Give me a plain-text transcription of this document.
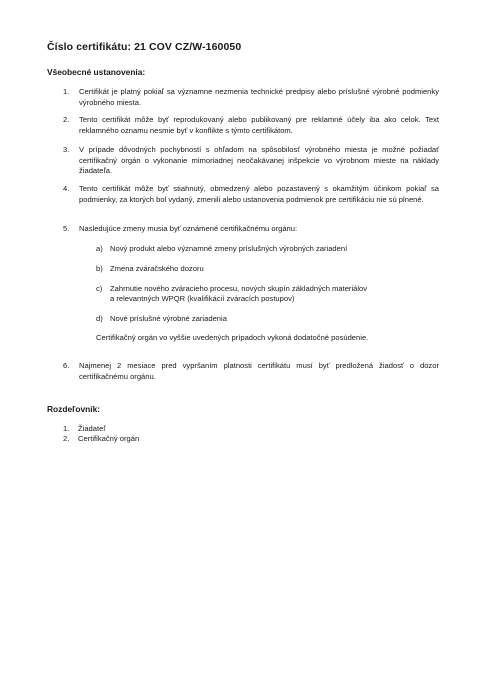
Číslo certifikátu: 21 COV CZ/W-160050
Všeobecné ustanovenia:
1. Certifikát je platný pokiaľ sa významne nezmenia technické predpisy alebo príslušné výrobné podmienky výrobného miesta.
2. Tento certifikát môže byť reprodukovaný alebo publikovaný pre reklamné účely iba ako celok. Text reklamného oznamu nesmie byť v konflikte s týmto certifikátom.
3. V prípade dôvodných pochybností s ohľadom na spôsobilosť výrobného miesta je možné požiadať certifikačný orgán o vykonanie mimoriadnej neočakávanej inšpekcie vo výrobnom mieste na náklady žiadateľa.
4. Tento certifikát môže byť stiahnutý, obmedzený alebo pozastavený s okamžitým účinkom pokiaľ sa podmienky, za ktorých bol vydaný, zmenili alebo ustanovenia podmienok pre certifikáciu nie sú plnené.
5. Nasledujúce zmeny musia byť oznámené certifikačnému orgánu:
a) Nový produkt alebo významné zmeny príslušných výrobných zariadení
b) Zmena zváračského dozoru
c) Zahrnutie nového zváracieho procesu, nových skupín základných materiálov
a relevantných WPQR (kvalifikácií zváracích postupov)
d) Nové príslušné výrobné zariadenia
Certifikačný orgán vo vyššie uvedených prípadoch vykoná dodatočné posúdenie.
6. Najmenej 2 mesiace pred vypršaním platnosti certifikátu musí byť predložená žiadosť o dozor certifikačnému orgánu.
Rozdeľovník:
1. Žiadateľ
2. Certifikačný orgán
